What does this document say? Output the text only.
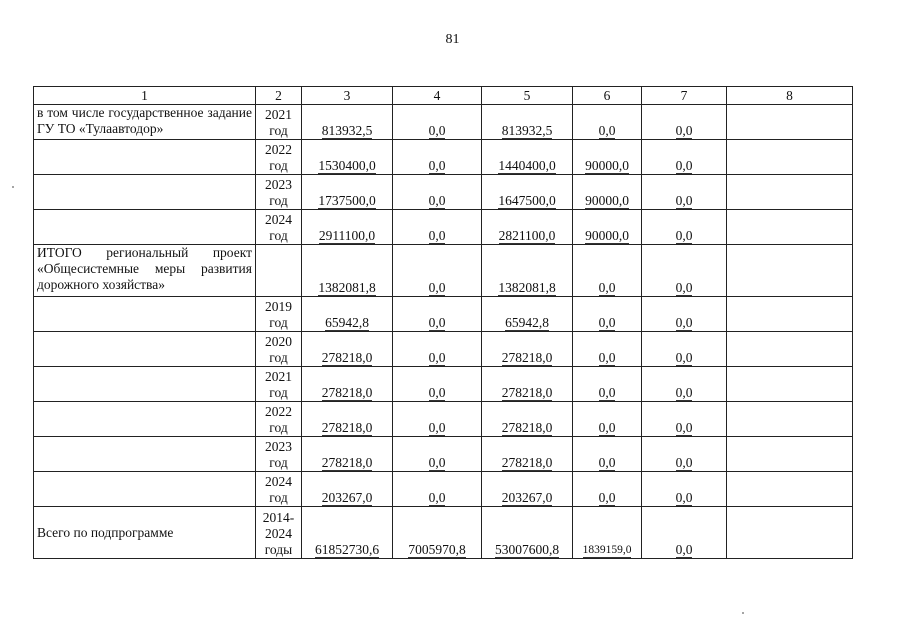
81
1	2	3	4	5	6	7	8
в том числе государственное задание ГУ ТО «Тулаавтодор»	2021 год	813932,5	0,0	813932,5	0,0	0,0	
	2022 год	1530400,0	0,0	1440400,0	90000,0	0,0	
	2023 год	1737500,0	0,0	1647500,0	90000,0	0,0	
	2024 год	2911100,0	0,0	2821100,0	90000,0	0,0	
ИТОГО региональный проект «Общесистемные меры развития дорожного хозяйства»		1382081,8	0,0	1382081,8	0,0	0,0	
	2019 год	65942,8	0,0	65942,8	0,0	0,0	
	2020 год	278218,0	0,0	278218,0	0,0	0,0	
	2021 год	278218,0	0,0	278218,0	0,0	0,0	
	2022 год	278218,0	0,0	278218,0	0,0	0,0	
	2023 год	278218,0	0,0	278218,0	0,0	0,0	
	2024 год	203267,0	0,0	203267,0	0,0	0,0	
Всего по подпрограмме	2014-2024 годы	61852730,6	7005970,8	53007600,8	1839159,0	0,0	
